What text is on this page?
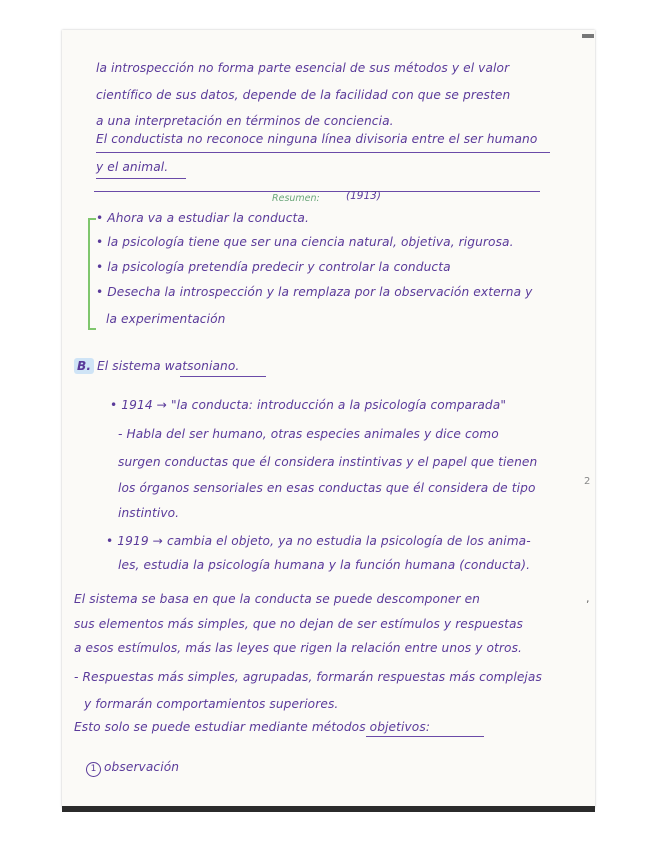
2
,
la introspección no forma parte esencial de sus métodos y el valor
científico de sus datos, depende de la facilidad con que se presten
a una interpretación en términos de conciencia.
El conductista no reconoce ninguna línea divisoria entre el ser humano
y el animal.
Resumen:	(1913)
• Ahora va a estudiar la conducta.
• la psicología tiene que ser una ciencia natural, objetiva, rigurosa.
• la psicología pretendía predecir y controlar la conducta
• Desecha la introspección y la remplaza por la observación externa y
la experimentación
B. El sistema watsoniano.
• 1914 → "la conducta: introducción a la psicología comparada"
- Habla del ser humano, otras especies animales y dice como
surgen conductas que él considera instintivas y el papel que tienen
los órganos sensoriales en esas conductas que él considera de tipo
instintivo.
• 1919 → cambia el objeto, ya no estudia la psicología de los anima-
les, estudia la psicología humana y la función humana (conducta).
El sistema se basa en que la conducta se puede descomponer en
sus elementos más simples, que no dejan de ser estímulos y respuestas
a esos estímulos, más las leyes que rigen la relación entre unos y otros.
- Respuestas más simples, agrupadas, formarán respuestas más complejas
y formarán comportamientos superiores.
Esto solo se puede estudiar mediante métodos objetivos:
1 observación
